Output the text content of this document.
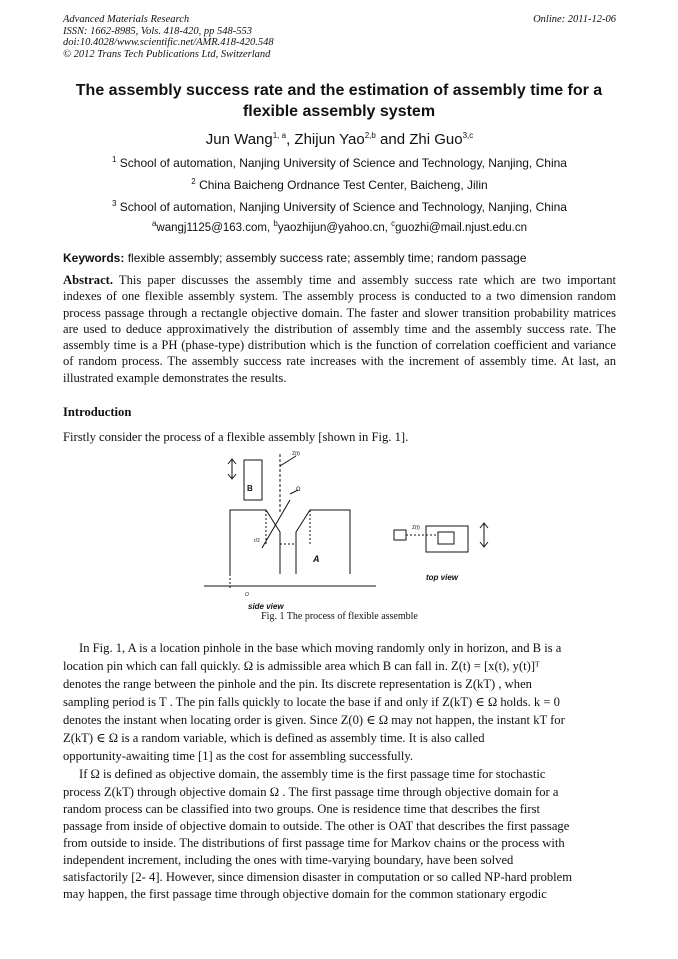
Advanced Materials Research
ISSN: 1662-8985, Vols. 418-420, pp 548-553
doi:10.4028/www.scientific.net/AMR.418-420.548
© 2012 Trans Tech Publications Ltd, Switzerland
Online: 2011-12-06
The assembly success rate and the estimation of assembly time for a
flexible assembly system
Jun Wang$^{1, a}$, Zhijun Yao$^{2,b}$ and Zhi Guo$^{3,c}$
$^1$ School of automation, Nanjing University of Science and Technology, Nanjing, China
$^2$ China Baicheng Ordnance Test Center, Baicheng, Jilin
$^3$ School of automation, Nanjing University of Science and Technology, Nanjing, China
$^a$wangj1125@163.com, $^b$yaozhijun@yahoo.cn, $^c$guozhi@mail.njust.edu.cn
Keywords: flexible assembly; assembly success rate; assembly time; random passage
Abstract. This paper discusses the assembly time and assembly success rate which are two important indexes of one flexible assembly system. The assembly process is conducted to a two dimension random process passage through a rectangle objective domain. The faster and slower transition probability matrices are used to deduce approximatively the distribution of assembly time and the assembly success rate. The assembly time is a PH (phase-type) distribution which is the function of correlation coefficient and variance of random process. The assembly success rate increases with the increment of assembly time. At last, an illustrated example demonstrates the results.
Introduction
Firstly consider the process of a flexible assembly [shown in Fig. 1].
B
A
Z(t)
Ω
r/2
O
Z(t)
side view
top view
Fig. 1 The process of flexible assemble
In Fig. 1, A is a location pinhole in the base which moving randomly only in horizon, and B is a
location pin which can fall quickly. Ω is admissible area which B can fall in. Z(t) = [x(t), y(t)]ᵀ
denotes the range between the pinhole and the pin. Its discrete representation is Z(kT) , when
sampling period is T . The pin falls quickly to locate the base if and only if Z(kT) ∈ Ω holds. k = 0
denotes the instant when locating order is given. Since Z(0) ∈ Ω may not happen, the instant kT for
Z(kT) ∈ Ω is a random variable, which is defined as assembly time. It is also called
opportunity-awaiting time [1] as the cost for assembling successfully.
If Ω is defined as objective domain, the assembly time is the first passage time for stochastic
process Z(kT) through objective domain Ω . The first passage time through objective domain for a
random process can be classified into two groups. One is residence time that describes the first
passage from inside of objective domain to outside. The other is OAT that describes the first passage
from outside to inside. The distributions of first passage time for Markov chains or the process with
independent increment, including the ones with time-varying boundary, have been solved
satisfactorily [2- 4]. However, since dimension disaster in computation or so called NP-hard problem
may happen, the first passage time through objective domain for the common stationary ergodic
